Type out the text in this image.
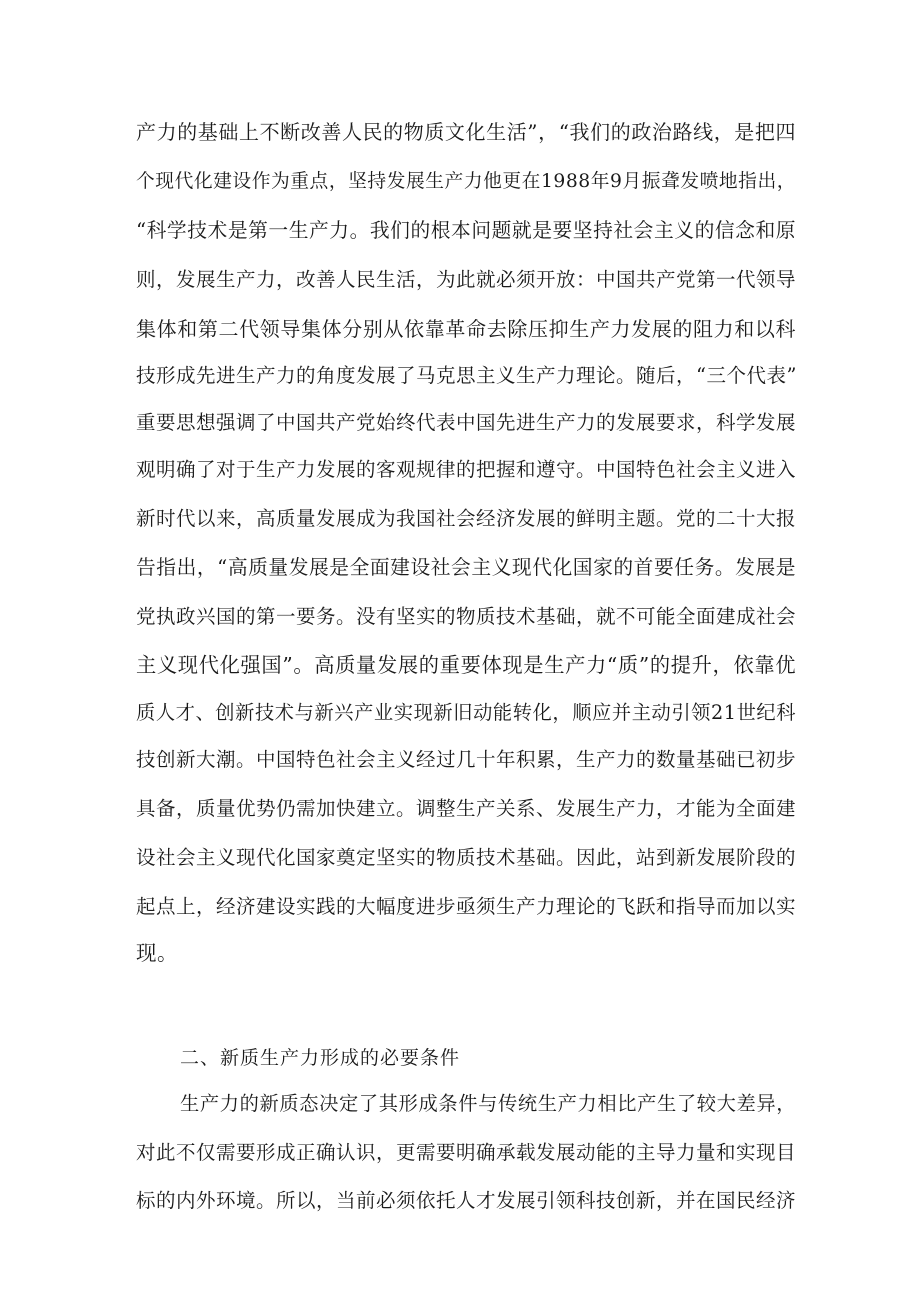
产力的基础上不断改善人民的物质文化生活”，“我们的政治路线，是把四
个现代化建设作为重点，坚持发展生产力他更在1988年9月振聋发喷地指出，
“科学技术是第一生产力。我们的根本问题就是要坚持社会主义的信念和原
则，发展生产力，改善人民生活，为此就必须开放：中国共产党第一代领导
集体和第二代领导集体分别从依靠革命去除压抑生产力发展的阻力和以科
技形成先进生产力的角度发展了马克思主义生产力理论。随后，“三个代表”
重要思想强调了中国共产党始终代表中国先进生产力的发展要求，科学发展
观明确了对于生产力发展的客观规律的把握和遵守。中国特色社会主义进入
新时代以来，高质量发展成为我国社会经济发展的鲜明主题。党的二十大报
告指出，“高质量发展是全面建设社会主义现代化国家的首要任务。发展是
党执政兴国的第一要务。没有坚实的物质技术基础，就不可能全面建成社会
主义现代化强国”。高质量发展的重要体现是生产力“质”的提升，依靠优
质人才、创新技术与新兴产业实现新旧动能转化，顺应并主动引领21世纪科
技创新大潮。中国特色社会主义经过几十年积累，生产力的数量基础已初步
具备，质量优势仍需加快建立。调整生产关系、发展生产力，才能为全面建
设社会主义现代化国家奠定坚实的物质技术基础。因此，站到新发展阶段的
起点上，经济建设实践的大幅度进步亟须生产力理论的飞跃和指导而加以实
现。
二、新质生产力形成的必要条件
生产力的新质态决定了其形成条件与传统生产力相比产生了较大差异，
对此不仅需要形成正确认识，更需要明确承载发展动能的主导力量和实现目
标的内外环境。所以，当前必须依托人才发展引领科技创新，并在国民经济
